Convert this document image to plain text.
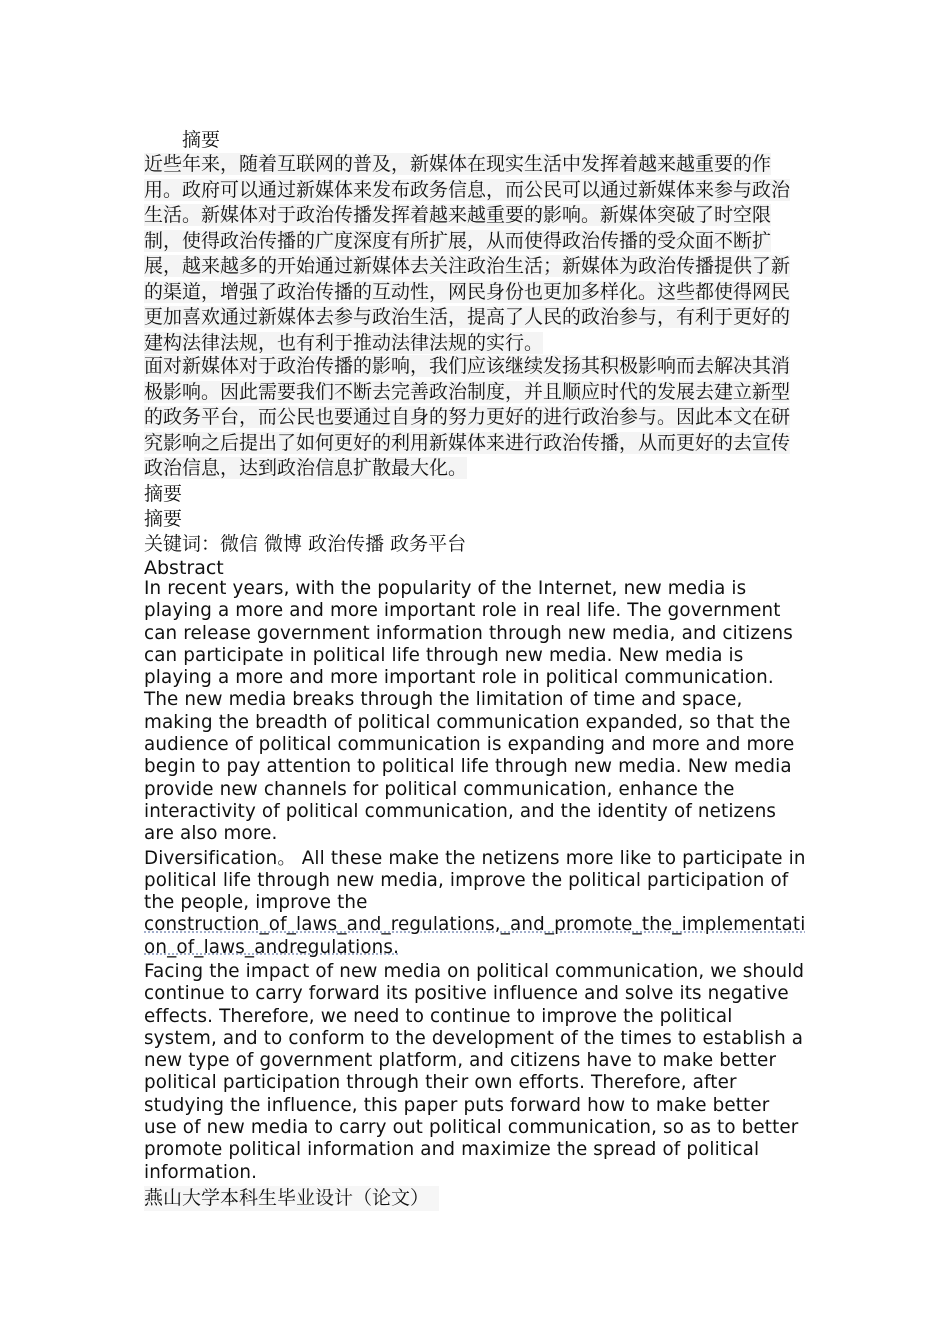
摘要

近些年来，随着互联网的普及，新媒体在现实生活中发挥着越来越重要的作用。政府可以通过新媒体来发布政务信息，而公民可以通过新媒体来参与政治生活。新媒体对于政治传播发挥着越来越重要的影响。新媒体突破了时空限制，使得政治传播的广度深度有所扩展，从而使得政治传播的受众面不断扩展，越来越多的开始通过新媒体去关注政治生活；新媒体为政治传播提供了新的渠道，增强了政治传播的互动性，网民身份也更加多样化。这些都使得网民更加喜欢通过新媒体去参与政治生活，提高了人民的政治参与，有利于更好的建构法律法规，也有利于推动法律法规的实行。

面对新媒体对于政治传播的影响，我们应该继续发扬其积极影响而去解决其消极影响。因此需要我们不断去完善政治制度，并且顺应时代的发展去建立新型的政务平台，而公民也要通过自身的努力更好的进行政治参与。因此本文在研究影响之后提出了如何更好的利用新媒体来进行政治传播，从而更好的去宣传政治信息，达到政治信息扩散最大化。

摘要

摘要

关键词：微信 微博 政治传播 政务平台

Abstract

In recent years, with the popularity of the Internet, new media is playing a more and more important role in real life. The government can release government information through new media, and citizens can participate in political life through new media. New media is playing a more and more important role in political communication. The new media breaks through the limitation of time and space, making the breadth of political communication expanded, so that the audience of political communication is expanding and more and more begin to pay attention to political life through new media. New media provide new channels for political communication, enhance the interactivity of political communication, and the identity of netizens are also more.

Diversification。 All these make the netizens more like to participate in political life through new media, improve the political participation of the people, improve the

construction_of_laws_and_regulations,_and_promote_the_implementation_of_laws_andregulations.

Facing the impact of new media on political communication, we should continue to carry forward its positive influence and solve its negative effects. Therefore, we need to continue to improve the political system, and to conform to the development of the times to establish a new type of government platform, and citizens have to make better political participation through their own efforts. Therefore, after studying the influence, this paper puts forward how to make better use of new media to carry out political communication, so as to better promote political information and maximize the spread of political information.

燕山大学本科生毕业设计（论文）
